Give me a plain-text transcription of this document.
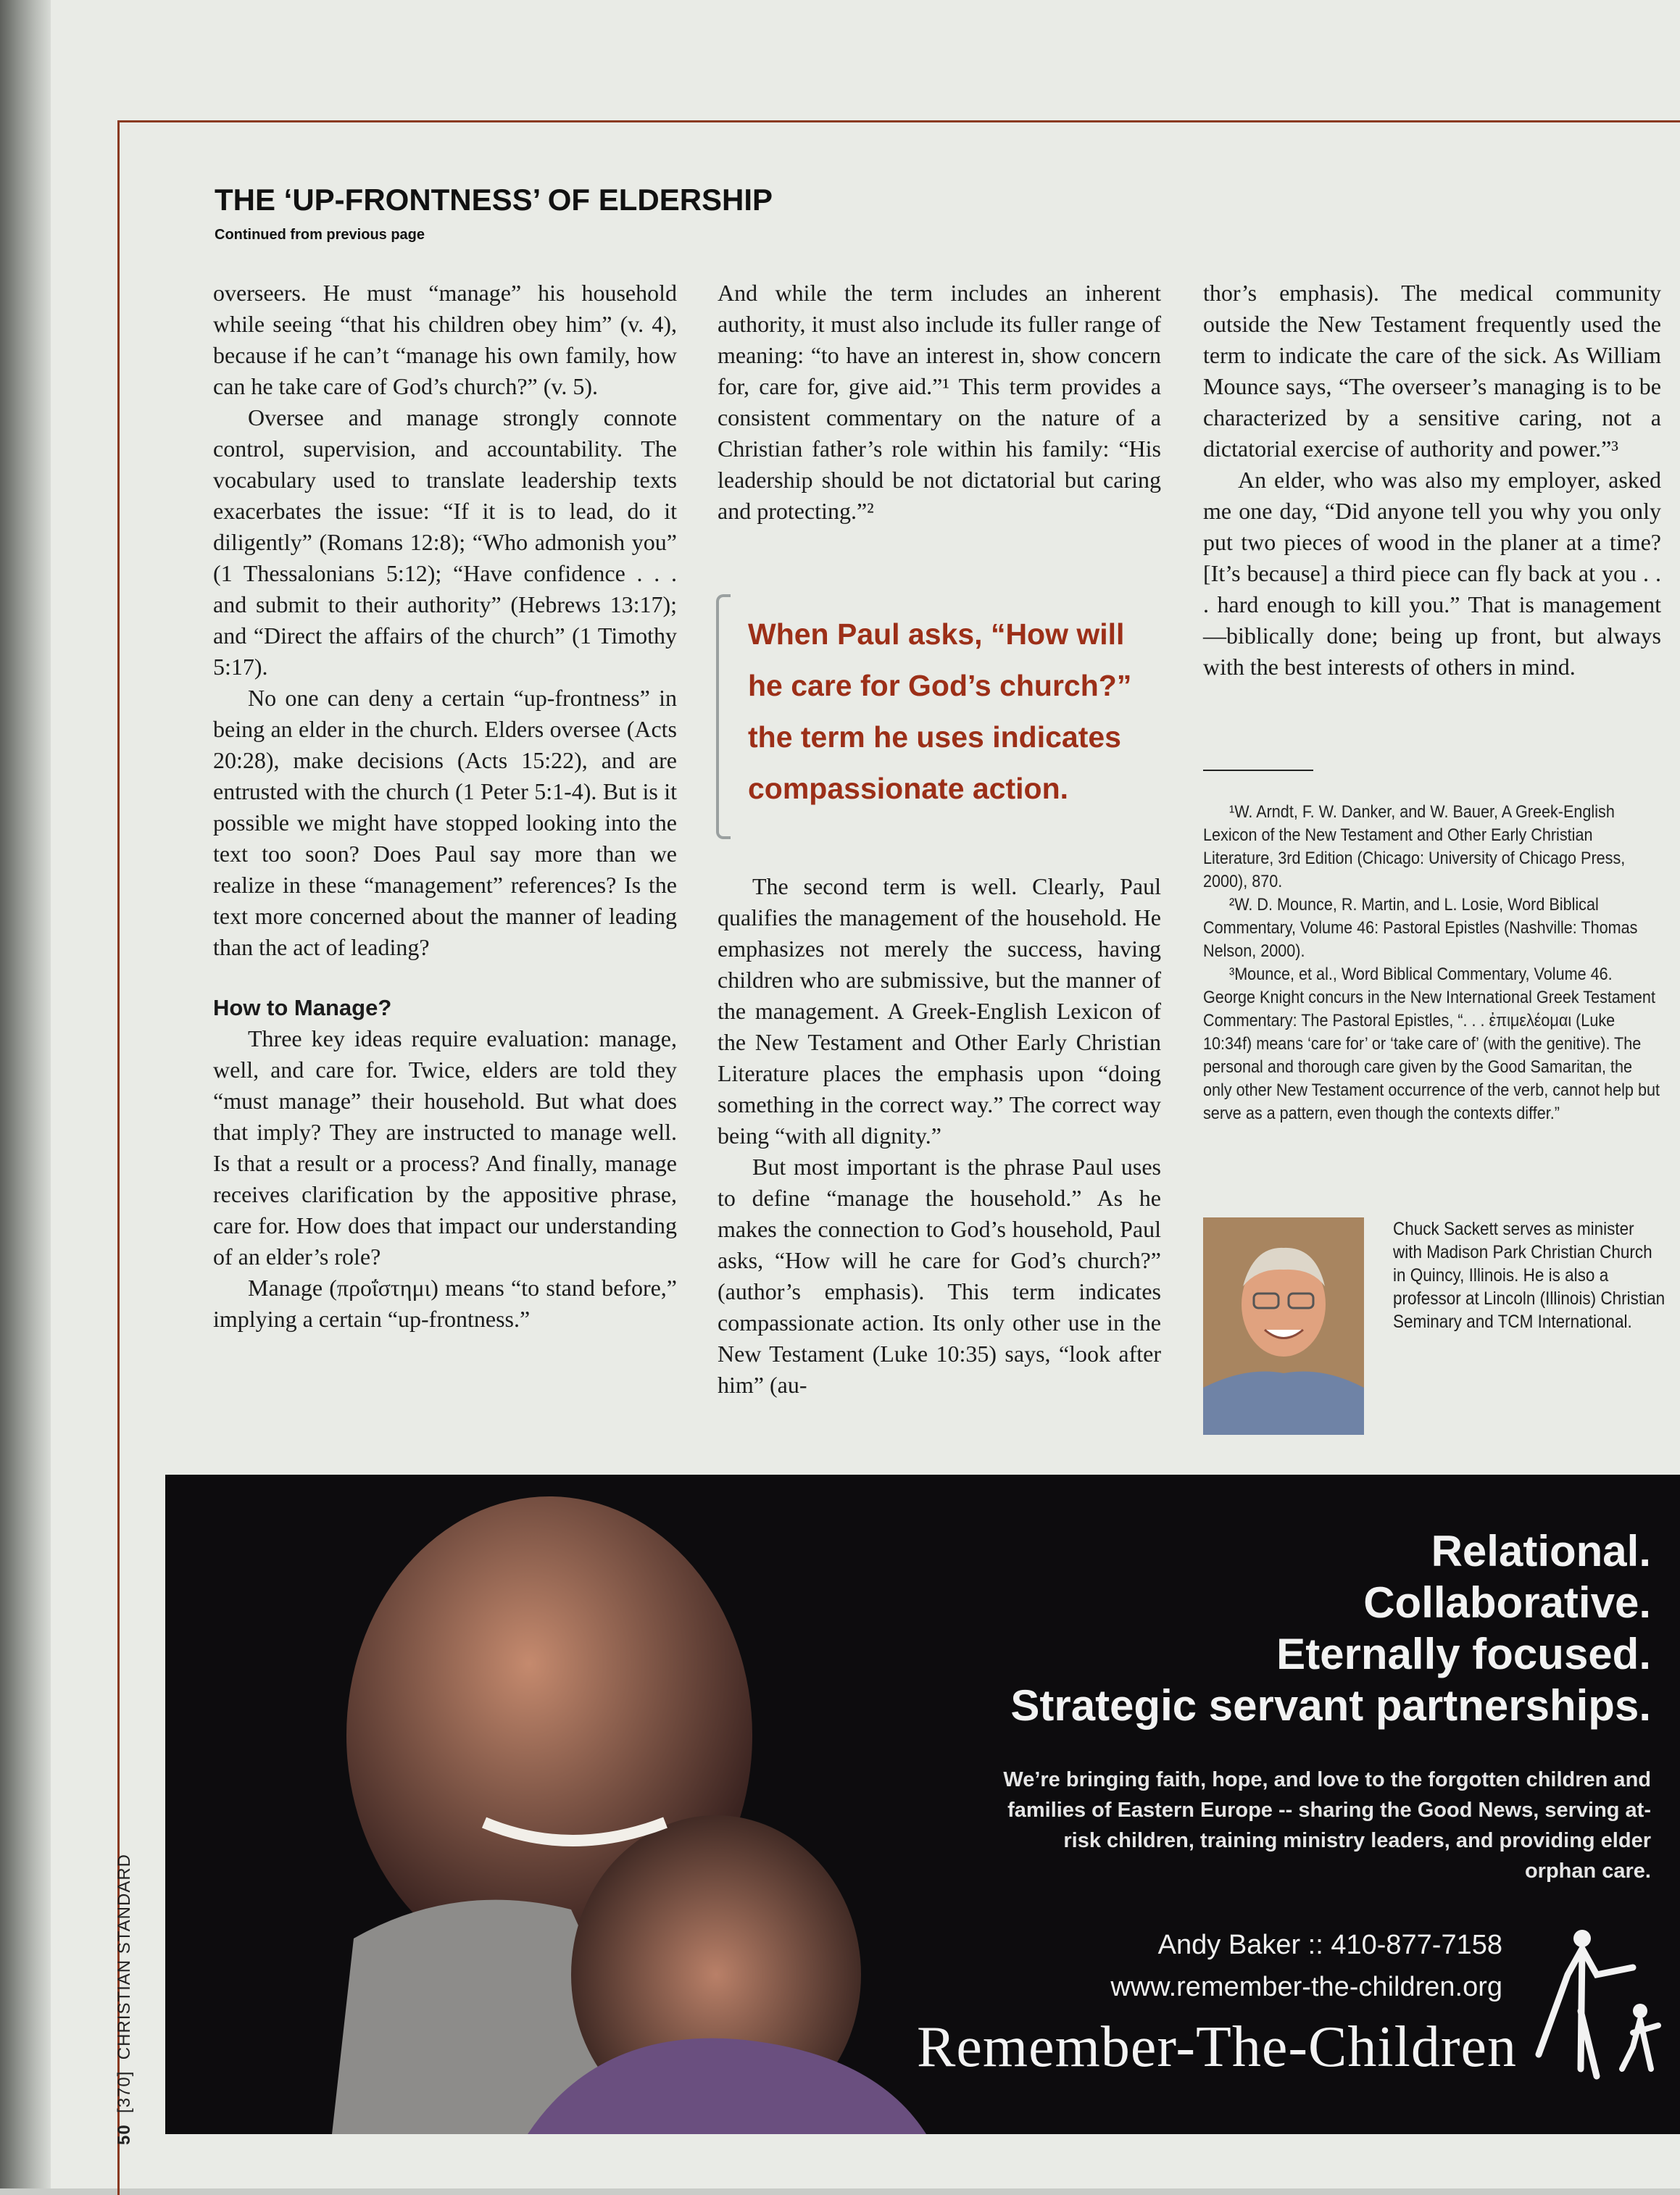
50  [370]  CHRISTIAN STANDARD
THE ‘UP-FRONTNESS’ OF ELDERSHIP
Continued from previous page

overseers. He must “manage” his household while seeing “that his children obey him” (v. 4), because if he can’t “manage his own family, how can he take care of God’s church?” (v. 5).

Oversee and manage strongly connote control, supervision, and accountability. The vocabulary used to translate leadership texts exacerbates the issue: “If it is to lead, do it diligently” (Romans 12:8); “Who admonish you” (1 Thessalonians 5:12); “Have confidence . . . and submit to their authority” (Hebrews 13:17); and “Direct the affairs of the church” (1 Timothy 5:17).

No one can deny a certain “up-frontness” in being an elder in the church. Elders oversee (Acts 20:28), make decisions (Acts 15:22), and are entrusted with the church (1 Peter 5:1-4). But is it possible we might have stopped looking into the text too soon? Does Paul say more than we realize in these “management” references? Is the text more concerned about the manner of leading than the act of leading?

How to Manage?

Three key ideas require evaluation: manage, well, and care for. Twice, elders are told they “must manage” their household. But what does that imply? They are instructed to manage well. Is that a result or a process? And finally, manage receives clarification by the appositive phrase, care for. How does that impact our understanding of an elder’s role?

Manage (προΐστημι) means “to stand before,” implying a certain “up-frontness.”

And while the term includes an inherent authority, it must also include its fuller range of meaning: “to have an interest in, show concern for, care for, give aid.”¹ This term provides a consistent commentary on the nature of a Christian father’s role within his family: “His leadership should be not dictatorial but caring and protecting.”²

When Paul asks, “How will he care for God’s church?” the term he uses indicates compassionate action.

The second term is well. Clearly, Paul qualifies the management of the household. He emphasizes not merely the success, having children who are submissive, but the manner of the management. A Greek-English Lexicon of the New Testament and Other Early Christian Literature places the emphasis upon “doing something in the correct way.” The correct way being “with all dignity.”

But most important is the phrase Paul uses to define “manage the household.” As he makes the connection to God’s household, Paul asks, “How will he care for God’s church?” (author’s emphasis). This term indicates compassionate action. Its only other use in the New Testament (Luke 10:35) says, “look after him” (au-

thor’s emphasis). The medical community outside the New Testament frequently used the term to indicate the care of the sick. As William Mounce says, “The overseer’s managing is to be characterized by a sensitive caring, not a dictatorial exercise of authority and power.”³

An elder, who was also my employer, asked me one day, “Did anyone tell you why you only put two pieces of wood in the planer at a time? [It’s because] a third piece can fly back at you . . . hard enough to kill you.” That is management—biblically done; being up front, but always with the best interests of others in mind.

¹W. Arndt, F. W. Danker, and W. Bauer, A Greek-English Lexicon of the New Testament and Other Early Christian Literature, 3rd Edition (Chicago: University of Chicago Press, 2000), 870.

²W. D. Mounce, R. Martin, and L. Losie, Word Biblical Commentary, Volume 46: Pastoral Epistles (Nashville: Thomas Nelson, 2000).

³Mounce, et al., Word Biblical Commentary, Volume 46. George Knight concurs in the New International Greek Testament Commentary: The Pastoral Epistles, “. . . ἐπιμελέομαι (Luke 10:34f) means ‘care for’ or ‘take care of’ (with the genitive). The personal and thorough care given by the Good Samaritan, the only other New Testament occurrence of the verb, cannot help but serve as a pattern, even though the contexts differ.”

Chuck Sackett serves as minister with Madison Park Christian Church in Quincy, Illinois. He is also a professor at Lincoln (Illinois) Christian Seminary and TCM International.
Relational.
Collaborative.
Eternally focused.
Strategic servant partnerships.
We’re bringing faith, hope, and love to the forgotten children and families of Eastern Europe -- sharing the Good News, serving at-risk children, training ministry leaders, and providing elder orphan care.
Andy Baker :: 410-877-7158
www.remember-the-children.org
Remember-The-Children
